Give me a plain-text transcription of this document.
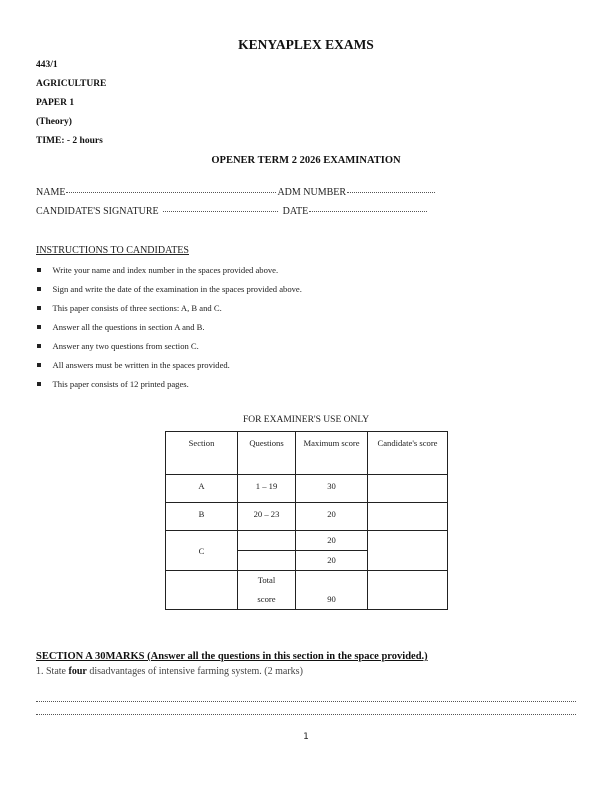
KENYAPLEX EXAMS
443/1
AGRICULTURE
PAPER 1
(Theory)
TIME: - 2 hours
OPENER TERM 2 2026 EXAMINATION
NAME	ADM NUMBER
CANDIDATE'S SIGNATURE	DATE
INSTRUCTIONS TO CANDIDATES
Write your name and index number in the spaces provided above.
Sign and write the date of the examination in the spaces provided above.
This paper consists of three sections: A, B and C.
Answer all the questions in section A and B.
Answer any two questions from section C.
All answers must be written in the spaces provided.
This paper consists of 12 printed pages.
FOR EXAMINER'S USE ONLY
Section	Questions	Maximum score	Candidate's score
A	1 – 19	30	
B	20 – 23	20	
C		20	
		20	
	Total score	90	
SECTION A 30MARKS (Answer all the questions in this section in the space provided.)
1. State four disadvantages of intensive farming system. (2 marks)
1
